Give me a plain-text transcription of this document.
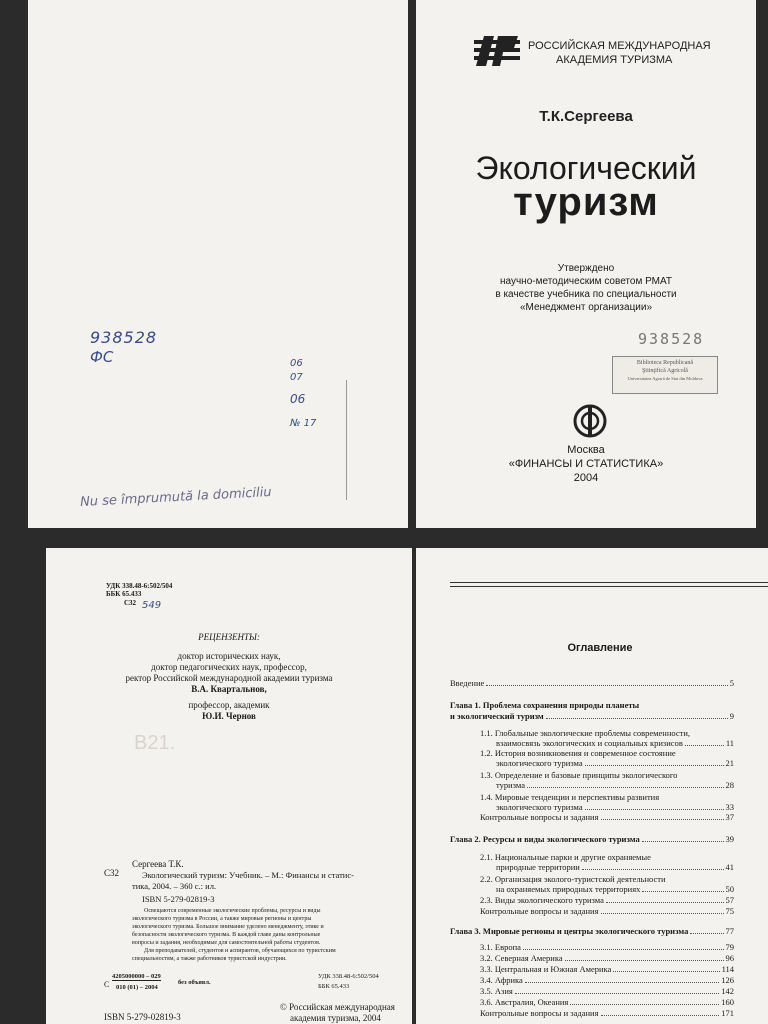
938528
ФС	06
07
06
№ 17
Nu se împrumută la domiciliu
РОССИЙСКАЯ МЕЖДУНАРОДНАЯ
АКАДЕМИЯ ТУРИЗМА
Т.К.Сергеева
Экологический
туризм
Утверждено
научно-методическим советом РМАТ
в качестве учебника по специальности
«Менеджмент организации»
938528
Biblioteca Republicană
Ştiinţifică Agricolă
Universitatea Agrară de Stat din Moldova
Москва
«ФИНАНСЫ И СТАТИСТИКА»
2004
УДК 338.48-6:502/504
ББК 65.433
С32 549
РЕЦЕНЗЕНТЫ:
доктор исторических наук,
доктор педагогических наук, профессор,
ректор Российской международной академии туризма
В.А. Квартальнов,
профессор, академик
Ю.И. Чернов
В21.
С32
Сергеева Т.К.
Экологический туризм: Учебник. – М.: Финансы и статис-
тика, 2004. – 360 с.: ил.
ISBN 5-279-02819-3
Освещаются современные экологические проблемы, ресурсы и виды
экологического туризма в России, а также мировые регионы и центры
экологического туризма. Большое внимание уделено менеджменту, этике и
безопасности экологического туризма. В каждой главе даны контрольные
вопросы и задания, необходимые для самостоятельной работы студентов.
Для преподавателей, студентов и аспирантов, обучающихся по туристским
специальностям, а также работников туристской индустрии.
С
4205000000 – 029
010 (01) – 2004
без объявл.
УДК 338.48-6:502/504
ББК 65.433
ISBN 5-279-02819-3
© Российская международная
академия туризма, 2004
Оглавление
Введение	5
Глава 1. Проблема сохранения природы планеты
и экологический туризм	9
1.1. Глобальные экологические проблемы современности,
взаимосвязь экологических и социальных кризисов	11
1.2. История возникновения и современное состояние
экологического туризма	21
1.3. Определение и базовые принципы экологического
туризма	28
1.4. Мировые тенденции и перспективы развития
экологического туризма	33
Контрольные вопросы и задания	37
Глава 2. Ресурсы и виды экологического туризма	39
2.1. Национальные парки и другие охраняемые
природные территории	41
2.2. Организация эколого-туристской деятельности
на охраняемых природных территориях	50
2.3. Виды экологического туризма	57
Контрольные вопросы и задания	75
Глава 3. Мировые регионы и центры экологического туризма	77
3.1. Европа	79
3.2. Северная Америка	96
3.3. Центральная и Южная Америка	114
3.4. Африка	126
3.5. Азия	142
3.6. Австралия, Океания	160
Контрольные вопросы и задания	171
